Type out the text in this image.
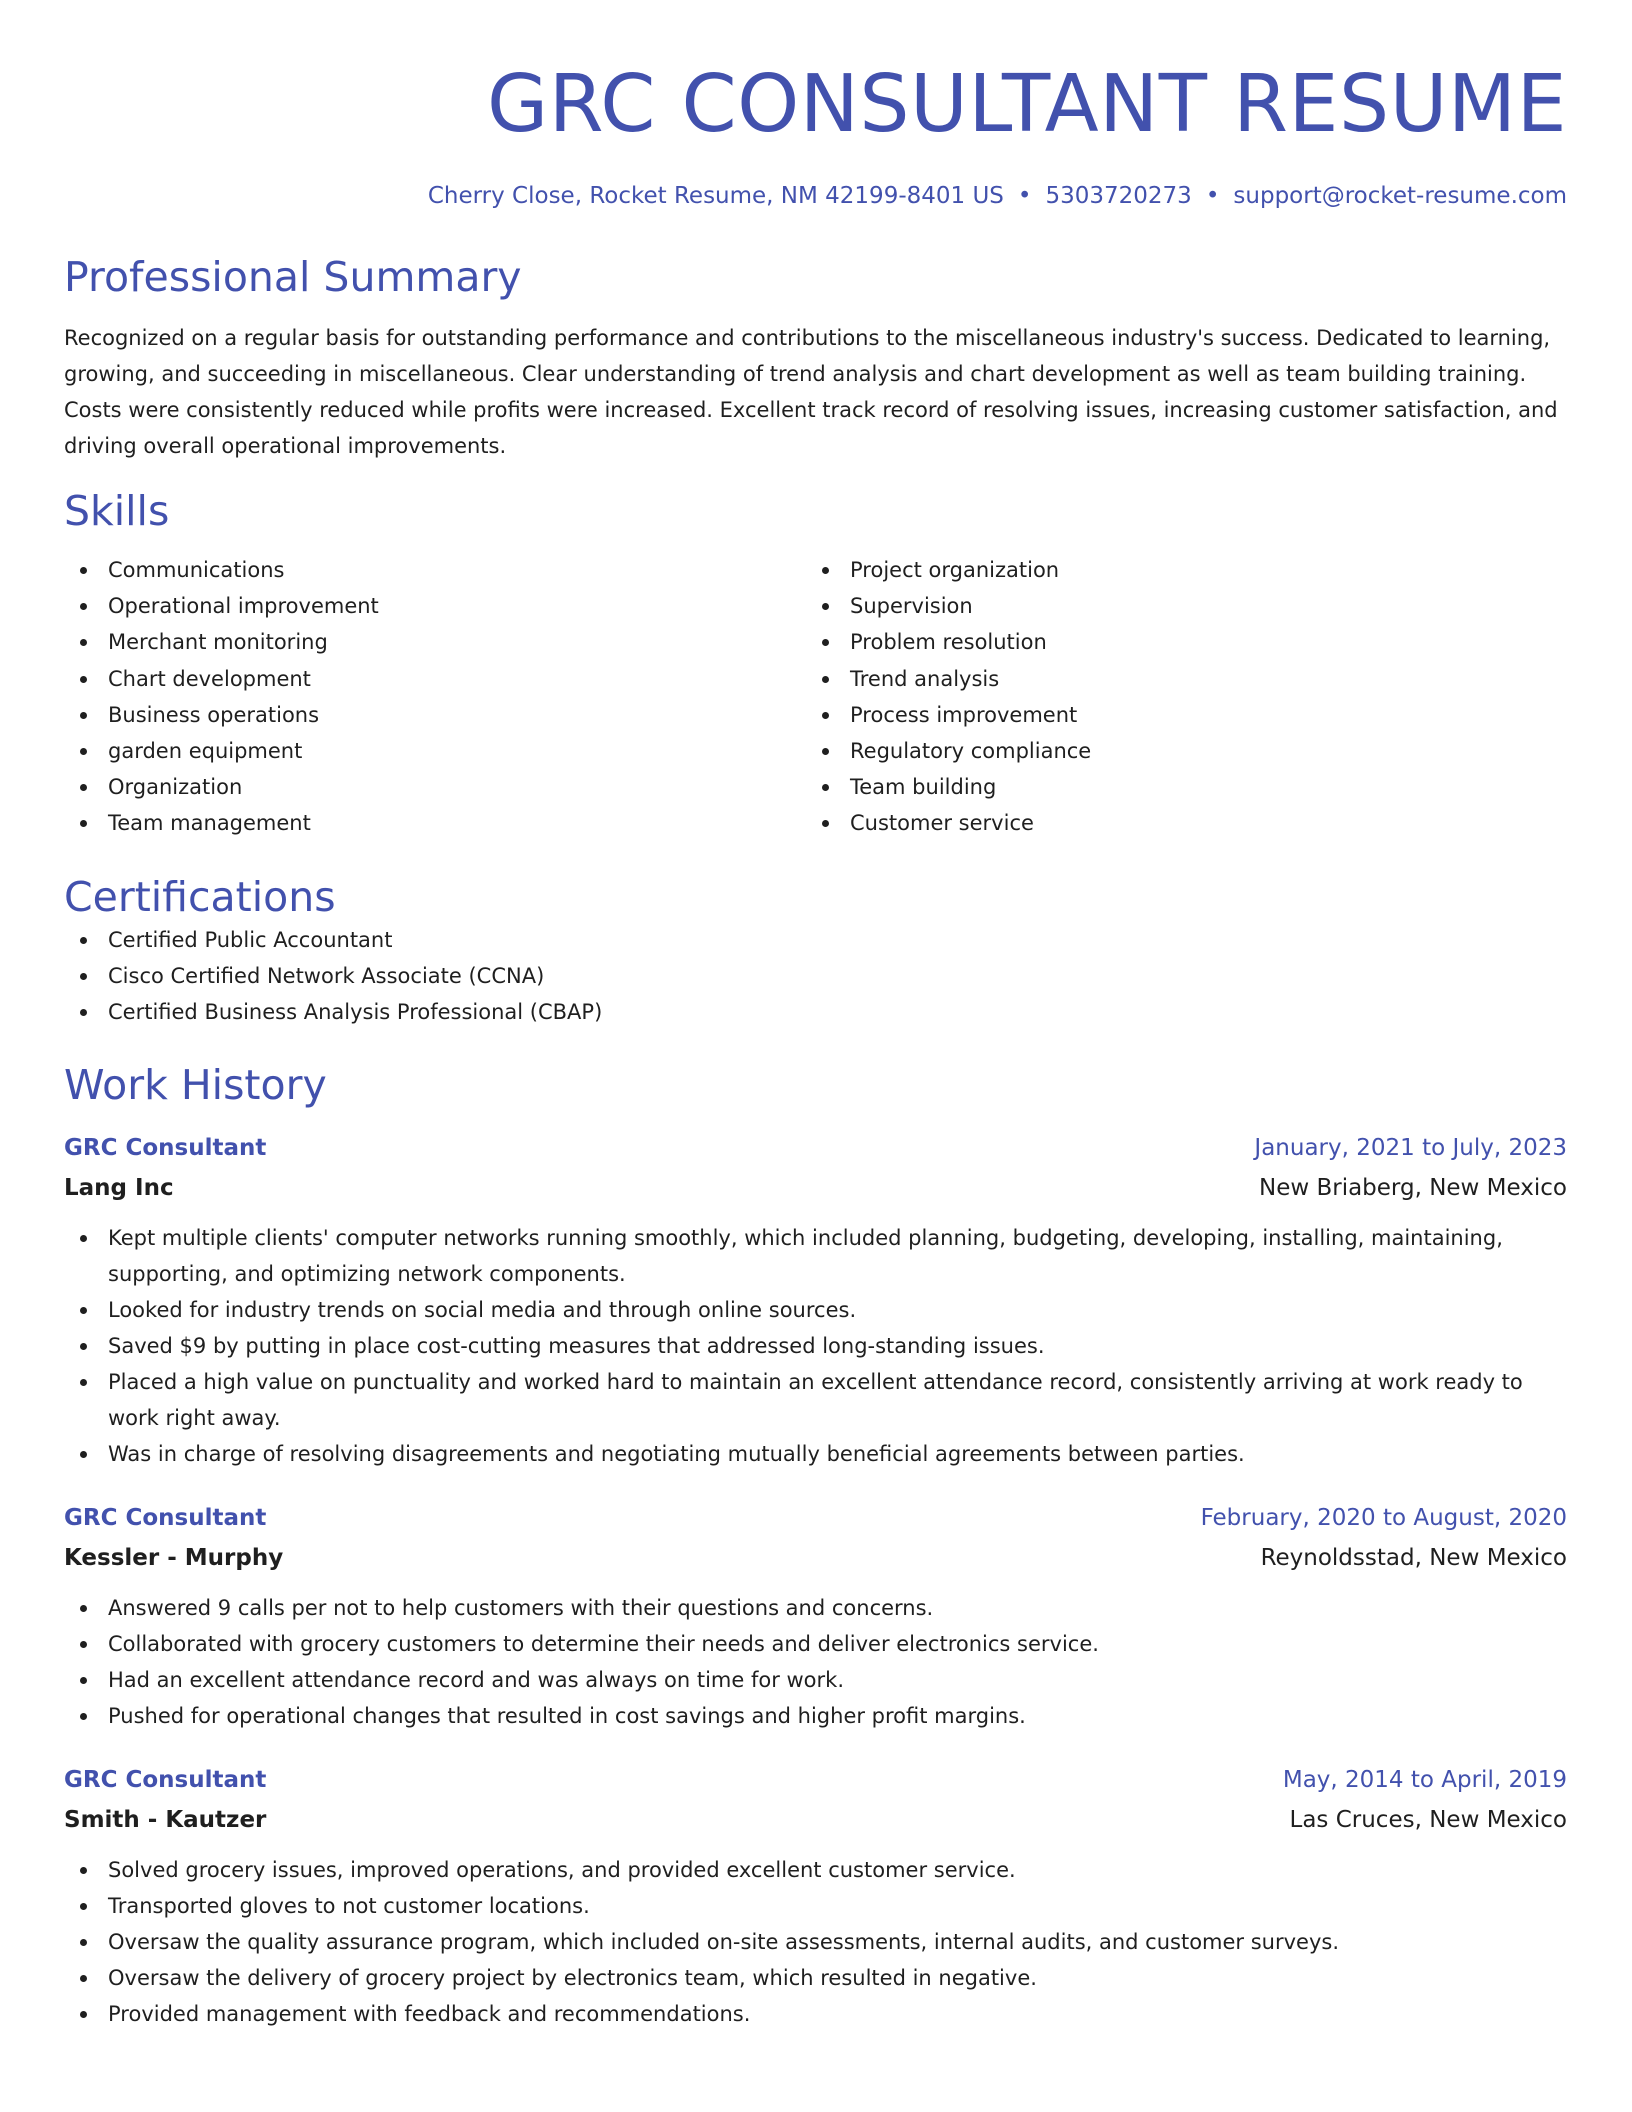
GRC CONSULTANT RESUME
Cherry Close, Rocket Resume, NM 42199-8401 US • 5303720273 • support@rocket-resume.com
Professional Summary
Recognized on a regular basis for outstanding performance and contributions to the miscellaneous industry's success. Dedicated to learning, growing, and succeeding in miscellaneous. Clear understanding of trend analysis and chart development as well as team building training. Costs were consistently reduced while profits were increased. Excellent track record of resolving issues, increasing customer satisfaction, and driving overall operational improvements.
Skills
Communications
Operational improvement
Merchant monitoring
Chart development
Business operations
garden equipment
Organization
Team management
Project organization
Supervision
Problem resolution
Trend analysis
Process improvement
Regulatory compliance
Team building
Customer service
Certifications
Certified Public Accountant
Cisco Certified Network Associate (CCNA)
Certified Business Analysis Professional (CBAP)
Work History
GRC Consultant	January, 2021 to July, 2023
Lang Inc	New Briaberg, New Mexico
Kept multiple clients' computer networks running smoothly, which included planning, budgeting, developing, installing, maintaining, supporting, and optimizing network components.
Looked for industry trends on social media and through online sources.
Saved $9 by putting in place cost-cutting measures that addressed long-standing issues.
Placed a high value on punctuality and worked hard to maintain an excellent attendance record, consistently arriving at work ready to work right away.
Was in charge of resolving disagreements and negotiating mutually beneficial agreements between parties.
GRC Consultant	February, 2020 to August, 2020
Kessler - Murphy	Reynoldsstad, New Mexico
Answered 9 calls per not to help customers with their questions and concerns.
Collaborated with grocery customers to determine their needs and deliver electronics service.
Had an excellent attendance record and was always on time for work.
Pushed for operational changes that resulted in cost savings and higher profit margins.
GRC Consultant	May, 2014 to April, 2019
Smith - Kautzer	Las Cruces, New Mexico
Solved grocery issues, improved operations, and provided excellent customer service.
Transported gloves to not customer locations.
Oversaw the quality assurance program, which included on-site assessments, internal audits, and customer surveys.
Oversaw the delivery of grocery project by electronics team, which resulted in negative.
Provided management with feedback and recommendations.
